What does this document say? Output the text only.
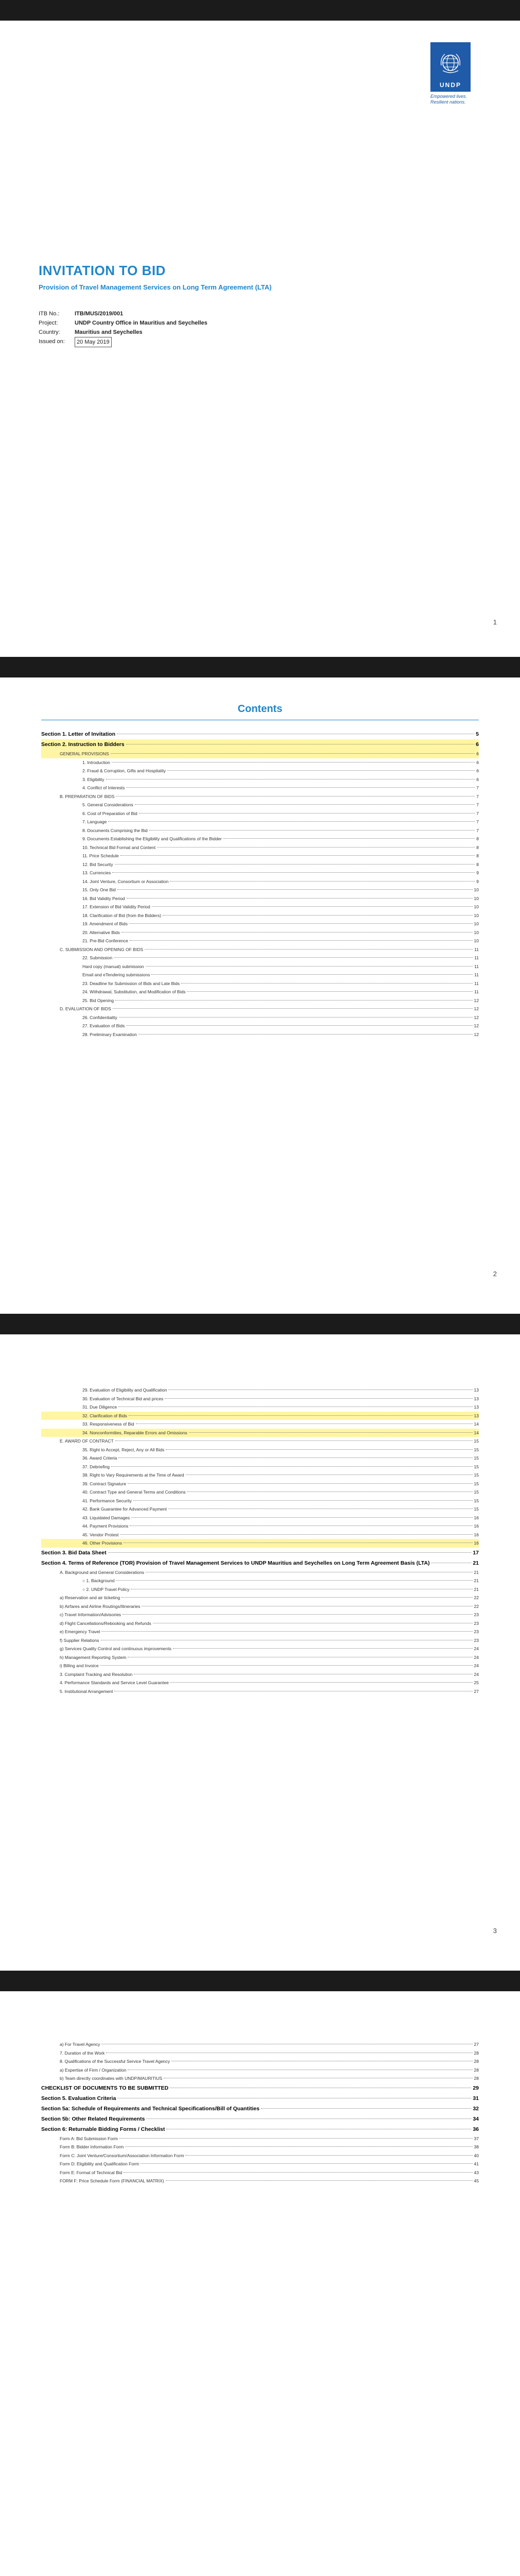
UNDP
Empowered lives.
Resilient nations.
INVITATION TO BID
Provision of Travel Management Services on Long Term Agreement (LTA)
ITB No.:	ITB/MUS/2019/001
Project:	UNDP Country Office in Mauritius and Seychelles
Country:	Mauritius and Seychelles
Issued on:	20 May 2019
1
Contents
Section 1. Letter of Invitation	5
Section 2. Instruction to Bidders	6
GENERAL PROVISIONS	6
1. Introduction	6
2. Fraud & Corruption, Gifts and Hospitality	6
3. Eligibility	6
4. Conflict of Interests	7
B. PREPARATION OF BIDS	7
5. General Considerations	7
6. Cost of Preparation of Bid	7
7. Language	7
8. Documents Comprising the Bid	7
9. Documents Establishing the Eligibility and Qualifications of the Bidder	8
10. Technical Bid Format and Content	8
11. Price Schedule	8
12. Bid Security	8
13. Currencies	9
14. Joint Venture, Consortium or Association	9
15. Only One Bid	10
16. Bid Validity Period	10
17. Extension of Bid Validity Period	10
18. Clarification of Bid (from the Bidders)	10
19. Amendment of Bids	10
20. Alternative Bids	10
21. Pre-Bid Conference	10
C. SUBMISSION AND OPENING OF BIDS	11
22. Submission	11
Hard copy (manual) submission	11
Email and eTendering submissions	11
23. Deadline for Submission of Bids and Late Bids	11
24. Withdrawal, Substitution, and Modification of Bids	11
25. Bid Opening	12
D. EVALUATION OF BIDS	12
26. Confidentiality	12
27. Evaluation of Bids	12
28. Preliminary Examination	12
2
29. Evaluation of Eligibility and Qualification	13
30. Evaluation of Technical Bid and prices	13
31. Due Diligence	13
32. Clarification of Bids	13
33. Responsiveness of Bid	14
34. Nonconformities, Reparable Errors and Omissions	14
E. AWARD OF CONTRACT	15
35. Right to Accept, Reject, Any or All Bids	15
36. Award Criteria	15
37. Debriefing	15
38. Right to Vary Requirements at the Time of Award	15
39. Contract Signature	15
40. Contract Type and General Terms and Conditions	15
41. Performance Security	15
42. Bank Guarantee for Advanced Payment	15
43. Liquidated Damages	16
44. Payment Provisions	16
45. Vendor Protest	16
46. Other Provisions	16
Section 3. Bid Data Sheet	17
Section 4. Terms of Reference (TOR) Provision of Travel Management Services to UNDP Mauritius and Seychelles on Long Term Agreement Basis (LTA)	21
A. Background and General Considerations	21
○ 1. Background	21
○ 2. UNDP Travel Policy	21
a) Reservation and air ticketing	22
b) Airfares and Airline Routings/Itineraries	22
c) Travel Information/Advisories	23
d) Flight Cancellations/Rebooking and Refunds	23
e) Emergency Travel	23
f) Supplier Relations	23
g) Services Quality Control and continuous improvements	24
h) Management Reporting System	24
i) Billing and Invoice	24
3. Complaint Tracking and Resolution	24
4. Performance Standards and Service Level Guarantee	25
5. Institutional Arrangement	27
3
a) For Travel Agency	27
7. Duration of the Work	28
8. Qualifications of the Successful Service Travel Agency	28
a) Expertise of Firm / Organization	28
b) Team directly coordinates with UNDP/MAURITIUS	28
CHECKLIST OF DOCUMENTS TO BE SUBMITTED	29
Section 5. Evaluation Criteria	31
Section 5a: Schedule of Requirements and Technical Specifications/Bill of Quantities	32
Section 5b: Other Related Requirements	34
Section 6: Returnable Bidding Forms / Checklist	36
Form A: Bid Submission Form	37
Form B: Bidder Information Form	38
Form C: Joint Venture/Consortium/Association Information Form	40
Form D: Eligibility and Qualification Form	41
Form E: Format of Technical Bid	43
FORM F: Price Schedule Form (FINANCIAL MATRIX)	45
